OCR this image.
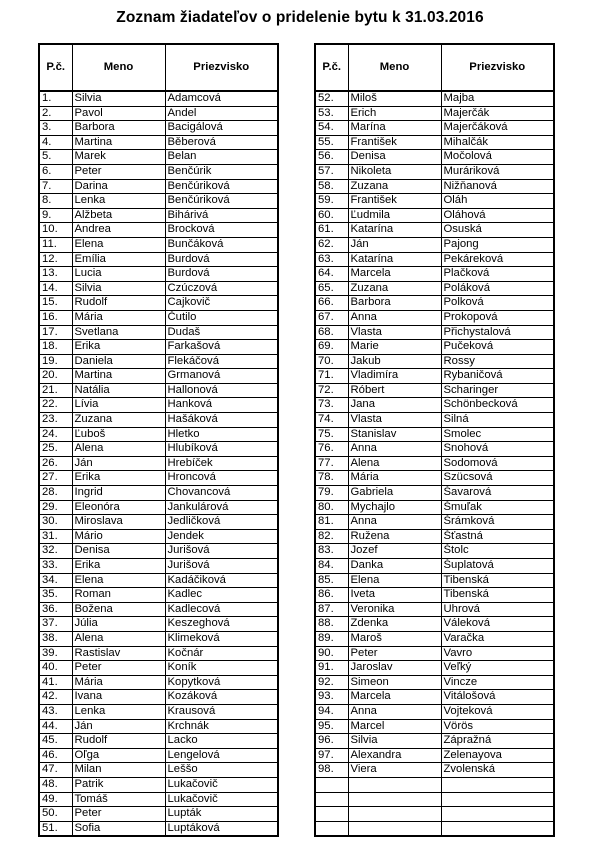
Zoznam žiadateľov o pridelenie bytu k 31.03.2016
P.č.	Meno	Priezvisko
1.	Silvia	Adamcová
2.	Pavol	Andel
3.	Barbora	Bacigálová
4.	Martina	Běberová
5.	Marek	Belan
6.	Peter	Benčúrik
7.	Darina	Benčúriková
8.	Lenka	Benčúriková
9.	Alžbeta	Bihárivá
10.	Andrea	Brocková
11.	Elena	Bunčáková
12.	Emília	Burdová
13.	Lucia	Burdová
14.	Silvia	Czúczová
15.	Rudolf	Cajkovič
16.	Mária	Čutilo
17.	Svetlana	Dudaš
18.	Erika	Farkašová
19.	Daniela	Flekáčová
20.	Martina	Grmanová
21.	Natália	Hallonová
22.	Lívia	Hanková
23.	Zuzana	Hašáková
24.	Ľuboš	Hletko
25.	Alena	Hlubíková
26.	Ján	Hrebíček
27.	Erika	Hroncová
28.	Ingrid	Chovancová
29.	Eleonóra	Jankulárová
30.	Miroslava	Jedličková
31.	Mário	Jendek
32.	Denisa	Jurišová
33.	Erika	Jurišová
34.	Elena	Kadáčiková
35.	Roman	Kadlec
36.	Božena	Kadlecová
37.	Júlia	Keszeghová
38.	Alena	Klimeková
39.	Rastislav	Kočnár
40.	Peter	Koník
41.	Mária	Kopytková
42.	Ivana	Kozáková
43.	Lenka	Krausová
44.	Ján	Krchnák
45.	Rudolf	Lacko
46.	Oľga	Lengelová
47.	Milan	Leššo
48.	Patrik	Lukačovič
49.	Tomáš	Lukačovič
50.	Peter	Lupták
51.	Sofia	Luptáková
P.č.	Meno	Priezvisko
52.	Miloš	Majba
53.	Erich	Majerčák
54.	Marína	Majerčáková
55.	František	Mihalčák
56.	Denisa	Močolová
57.	Nikoleta	Muráriková
58.	Zuzana	Nižňanová
59.	František	Oláh
60.	Ľudmila	Oláhová
61.	Katarína	Osuská
62.	Ján	Pajong
63.	Katarína	Pekáreková
64.	Marcela	Plačková
65.	Zuzana	Poláková
66.	Barbora	Polková
67.	Anna	Prokopová
68.	Vlasta	Přichystalová
69.	Marie	Pučeková
70.	Jakub	Rossy
71.	Vladimíra	Rybaničová
72.	Róbert	Scharinger
73.	Jana	Schönbecková
74.	Vlasta	Silná
75.	Stanislav	Smolec
76.	Anna	Snohová
77.	Alena	Sodomová
78.	Mária	Szücsová
79.	Gabriela	Šavarová
80.	Mychajlo	Šmuľak
81.	Anna	Šrámková
82.	Ružena	Šťastná
83.	Jozef	Štolc
84.	Danka	Šuplatová
85.	Elena	Tibenská
86.	Iveta	Tibenská
87.	Veronika	Uhrová
88.	Zdenka	Váleková
89.	Maroš	Varačka
90.	Peter	Vavro
91.	Jaroslav	Veľký
92.	Simeon	Vincze
93.	Marcela	Vitálošová
94.	Anna	Vojteková
95.	Marcel	Vörös
96.	Silvia	Zápražná
97.	Alexandra	Zelenayova
98.	Viera	Zvolenská
